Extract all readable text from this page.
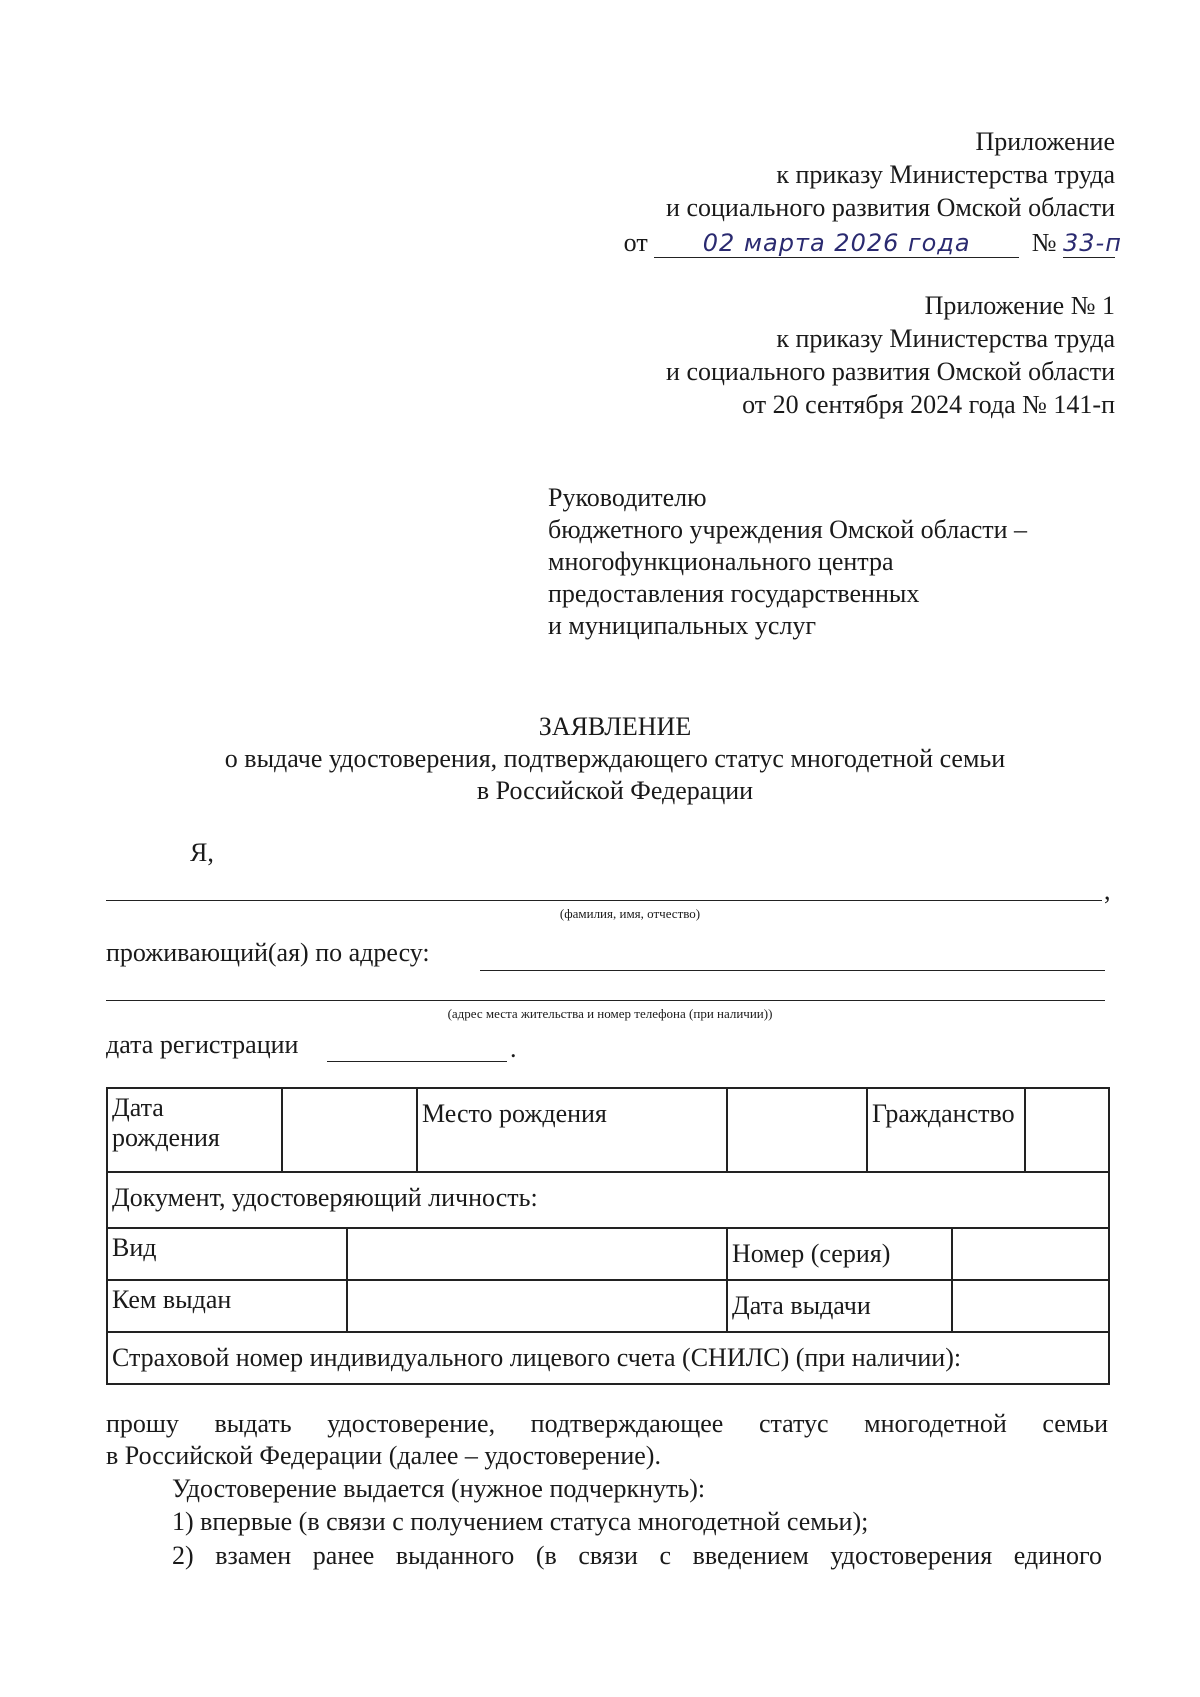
Приложение
к приказу Министерства труда
и социального развития Омской области
от 02 марта 2026 года № 33-п
Приложение № 1
к приказу Министерства труда
и социального развития Омской области
от 20 сентября 2024 года № 141-п
Руководителю
бюджетного учреждения Омской области –
многофункционального центра
предоставления государственных
и муниципальных услуг
ЗАЯВЛЕНИЕ
о выдаче удостоверения, подтверждающего статус многодетной семьи
в Российской Федерации
Я,
,
(фамилия, имя, отчество)
проживающий(ая) по адресу:
(адрес места жительства и номер телефона (при наличии))
дата регистрации	.
Дата рождения			Место рождения		Гражданство	

Документ, удостоверяющий личность:						
Вид				Номер (серия)		
Кем выдан				Дата выдачи		
Страховой номер индивидуального лицевого счета (СНИЛС) (при наличии):						
прошу выдать удостоверение, подтверждающее статус многодетной семьи
в Российской Федерации (далее – удостоверение).
Удостоверение выдается (нужное подчеркнуть):
1) впервые (в связи с получением статуса многодетной семьи);
2) взамен ранее выданного (в связи с введением удостоверения единого
